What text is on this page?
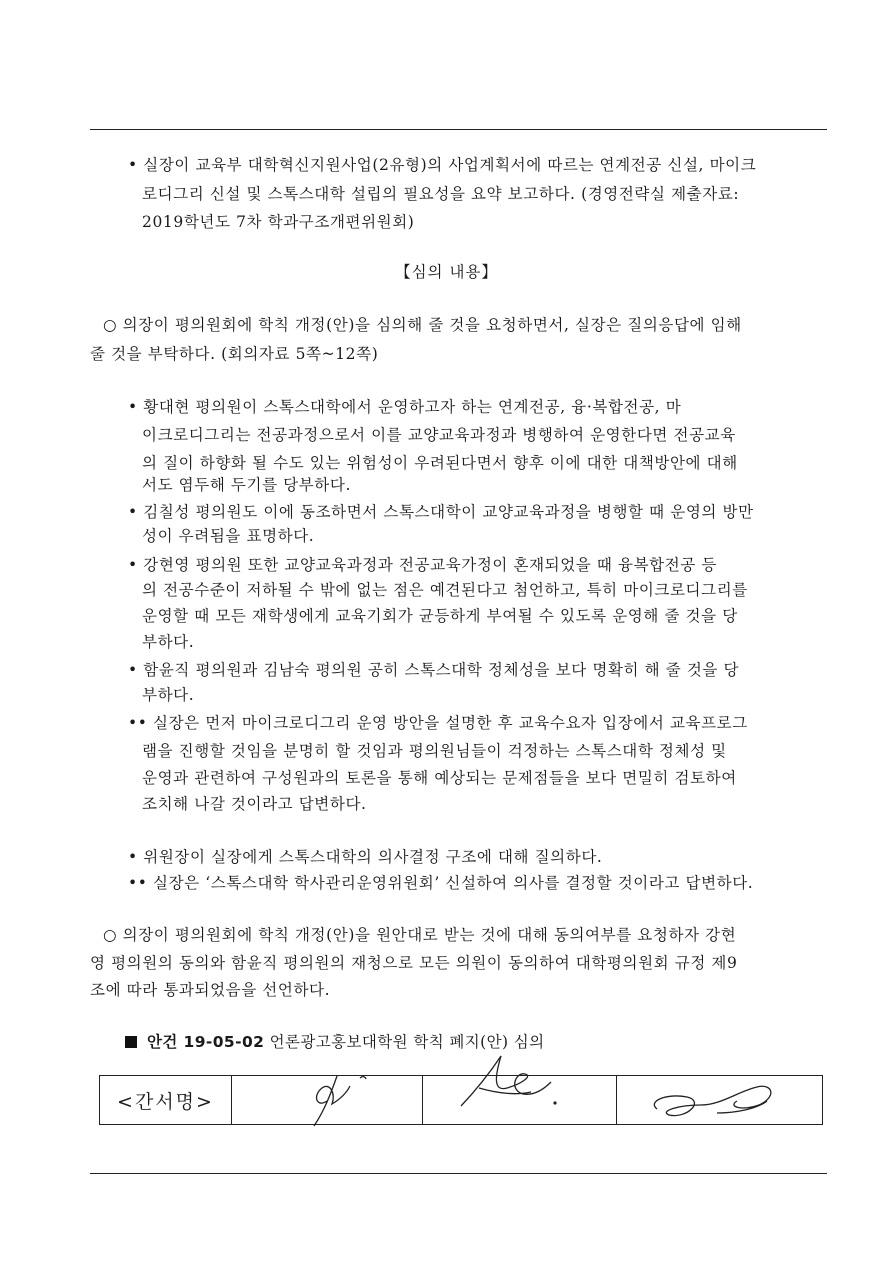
• 실장이 교육부 대학혁신지원사업(2유형)의 사업계획서에 따르는 연계전공 신설, 마이크
로디그리 신설 및 스톡스대학 설립의 필요성을 요약 보고하다. (경영전략실 제출자료:
2019학년도 7차 학과구조개편위원회)
【심의 내용】
○ 의장이 평의원회에 학칙 개정(안)을 심의해 줄 것을 요청하면서, 실장은 질의응답에 임해
줄 것을 부탁하다. (회의자료 5쪽~12쪽)
• 황대현 평의원이 스톡스대학에서 운영하고자 하는 연계전공, 융·복합전공, 마
이크로디그리는 전공과정으로서 이를 교양교육과정과 병행하여 운영한다면 전공교육
의 질이 하향화 될 수도 있는 위험성이 우려된다면서 향후 이에 대한 대책방안에 대해
서도 염두해 두기를 당부하다.
• 김칠성 평의원도 이에 동조하면서 스톡스대학이 교양교육과정을 병행할 때 운영의 방만
성이 우려됨을 표명하다.
• 강현영 평의원 또한 교양교육과정과 전공교육가정이 혼재되었을 때 융복합전공 등
의 전공수준이 저하될 수 밖에 없는 점은 예견된다고 첨언하고, 특히 마이크로디그리를
운영할 때 모든 재학생에게 교육기회가 균등하게 부여될 수 있도록 운영해 줄 것을 당
부하다.
• 함윤직 평의원과 김남숙 평의원 공히 스톡스대학 정체성을 보다 명확히 해 줄 것을 당
부하다.
•• 실장은 먼저 마이크로디그리 운영 방안을 설명한 후 교육수요자 입장에서 교육프로그
램을 진행할 것임을 분명히 할 것임과 평의원님들이 걱정하는 스톡스대학 정체성 및
운영과 관련하여 구성원과의 토론을 통해 예상되는 문제점들을 보다 면밀히 검토하여
조치해 나갈 것이라고 답변하다.
• 위원장이 실장에게 스톡스대학의 의사결정 구조에 대해 질의하다.
•• 실장은 ‘스톡스대학 학사관리운영위원회’ 신설하여 의사를 결정할 것이라고 답변하다.
○ 의장이 평의원회에 학칙 개정(안)을 원안대로 받는 것에 대해 동의여부를 요청하자 강현
영 평의원의 동의와 함윤직 평의원의 재청으로 모든 의원이 동의하여 대학평의원회 규정 제9
조에 따라 통과되었음을 선언하다.
안건 19-05-02 언론광고홍보대학원 학칙 폐지(안) 심의
<간서명>
